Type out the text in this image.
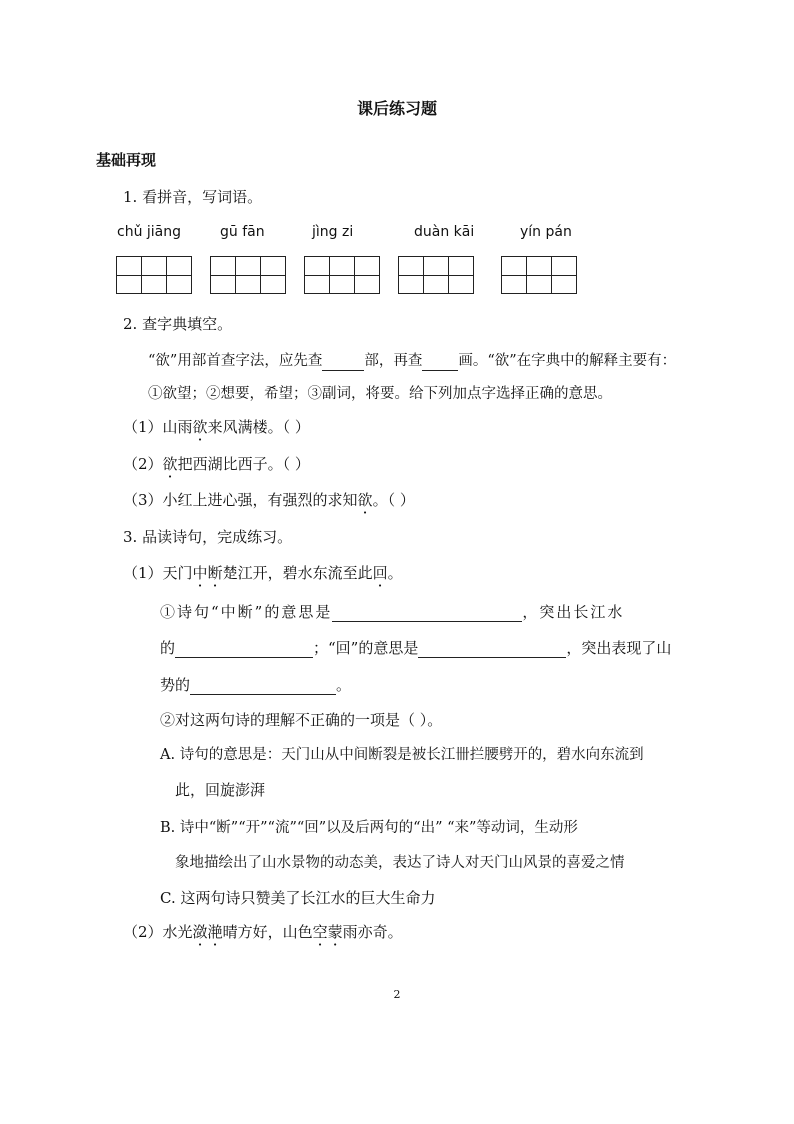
课后练习题
基础再现
1. 看拼音，写词语。
chǔ jiāng	gū fān	jìng zi	duàn kāi	yín pán
2. 查字典填空。
“欲”用部首查字法，应先查	部，再查 画。“欲”在字典中的解释主要有：
①欲望；②想要，希望；③副词，将要。给下列加点字选择正确的意思。
（1）山雨欲来风满楼。（ ）
（2）欲把西湖比西子。（ ）
（3）小红上进心强，有强烈的求知欲。（ ）
3. 品读诗句，完成练习。
（1）天门中断楚江开，碧水东流至此回。
①诗句“中断”的意思是	，突出长江水
的	；“回”的意思是	，突出表现了山
势的	。
②对这两句诗的理解不正确的一项是（ ）。
A. 诗句的意思是：天门山从中间断裂是被长江卌拦腰劈开的，碧水向东流到
此，回旋澎湃
B. 诗中“断”“开”“流”“回”以及后两句的“出” “来”等动词，生动形
象地描绘出了山水景物的动态美，表达了诗人对天门山风景的喜爱之情
C. 这两句诗只赞美了长江水的巨大生命力
（2）水光潋滟晴方好，山色空蒙雨亦奇。
2
